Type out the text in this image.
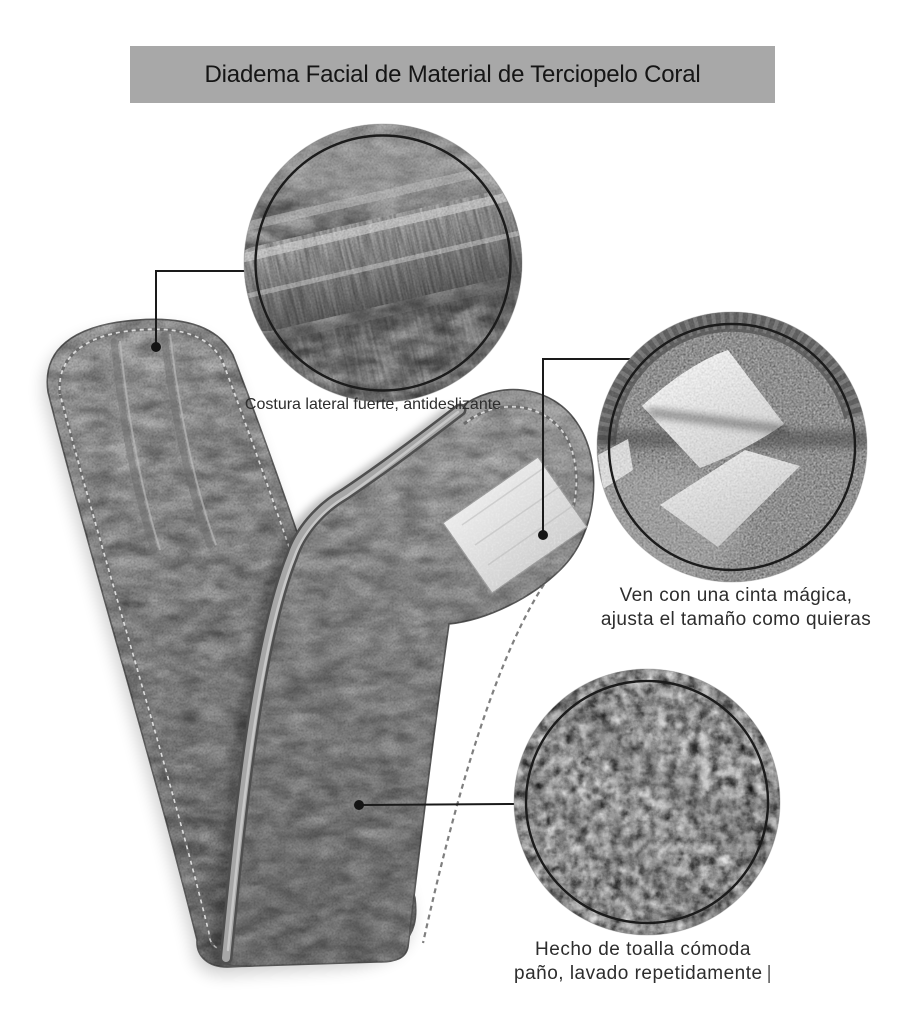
Diadema Facial de Material de Terciopelo Coral
Costura lateral fuerte, antideslizante
Ven con una cinta mágica,
ajusta el tamaño como quieras
Hecho de toalla cómoda
paño, lavado repetidamente |
